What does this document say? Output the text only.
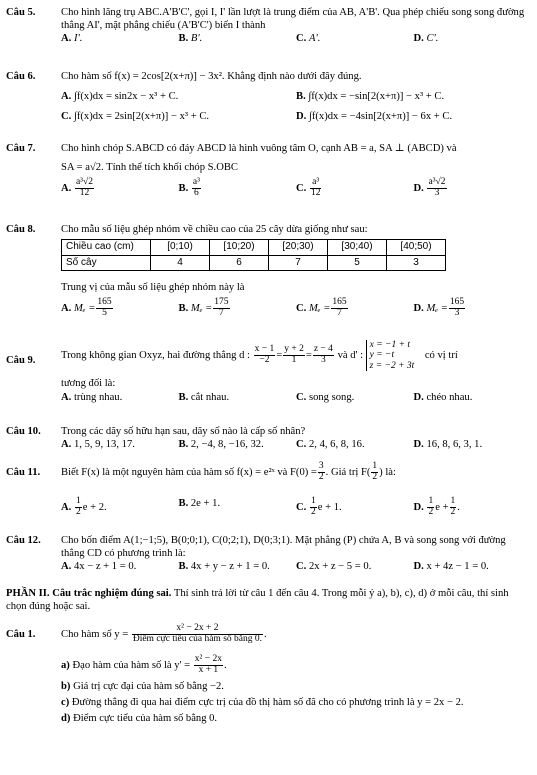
Câu 5.	Cho hình lăng trụ ABC.A'B'C', gọi I, I' lần lượt là trung điểm của AB, A'B'. Qua phép chiếu song song đường thẳng AI', mặt phẳng chiếu (A'B'C') biến I thành
A. I'.	B. B'.	C. A'.	D. C'.
Câu 6.	Cho hàm số f(x) = 2cos[2(x+π)] − 3x². Khẳng định nào dưới đây đúng.
A. ∫f(x)dx = sin2x − x³ + C.	B. ∫f(x)dx = −sin[2(x+π)] − x³ + C.
C. ∫f(x)dx = 2sin[2(x+π)] − x³ + C.	D. ∫f(x)dx = −4sin[2(x+π)] − 6x + C.
Câu 7.	Cho hình chóp S.ABCD có đáy ABCD là hình vuông tâm O, cạnh AB = a, SA ⊥ (ABCD) và
SA = a√2. Tính thể tích khối chóp S.OBC
A. $\frac{\text{a³√2}}{12}$	B. $\frac{\text{a³}}{6}$	C. $\frac{\text{a³}}{12}$	D. $\frac{\text{a³√2}}{3}$
Câu 8.	Cho mẫu số liệu ghép nhóm về chiều cao của 25 cây dừa giống như sau:
Chiều cao (cm)	[0;10)	[10;20)	[20;30)	[30;40)	[40;50)
Số cây	4	6	7	5	3
Trung vị của mẫu số liệu ghép nhóm này là
A. $M_e = \frac{165}{5}$	B. $M_e = \frac{175}{7}$	C. $M_e = \frac{165}{7}$	D. $M_e = \frac{165}{3}$
Câu 9.	Trong không gian Oxyz, hai đường thẳng d : $\frac{x - 1}{-2} = \frac{y + 2}{1} = \frac{z - 4}{3}$ và d' :
x = −1 + t
y = −t
z = −2 + 3t
có vị trí
tương đối là:
A. trùng nhau.	B. cắt nhau.	C. song song.	D. chéo nhau.
Câu 10.	Trong các dãy số hữu hạn sau, dãy số nào là cấp số nhân?
A. 1, 5, 9, 13, 17.	B. 2, −4, 8, −16, 32.	C. 2, 4, 6, 8, 16.	D. 16, 8, 6, 3, 1.
Câu 11.	Biết F(x) là một nguyên hàm của hàm số f(x) = e²ˣ và $F(0) = \frac{3}{2}$ . Giá trị $F( \frac{1}{2}$ ) là:
A. $\frac{1}{2}$ e + 2.	B. 2e + 1.	C. $\frac{1}{2}$ e + 1.	D. $\frac{1}{2}$ $e + \frac{1}{2}$ .
Câu 12.	Cho bốn điểm A(1;−1;5), B(0;0;1), C(0;2;1), D(0;3;1). Mặt phẳng (P) chứa A, B và song song với đường thẳng CD có phương trình là:
A. 4x − z + 1 = 0.	B. 4x + y − z + 1 = 0.	C. 2x + z − 5 = 0.	D. x + 4z − 1 = 0.
PHẦN II. Câu trắc nghiệm đúng sai. Thí sinh trả lời từ câu 1 đến câu 4. Trong mỗi ý a), b), c), d) ở mỗi câu, thí sinh chọn đúng hoặc sai.
Câu 1.	Cho hàm số $y = \frac{\text{x² − 2x + 2}}{\text{Điểm cực tiểu của hàm số bằng 0.}}$ .
a) Đạo hàm của hàm số là $y' = \frac{\text{x² − 2x}}{x + 1}$ .
b) Giá trị cực đại của hàm số bằng −2.
c) Đường thẳng đi qua hai điểm cực trị của đồ thị hàm số đã cho có phương trình là y = 2x − 2.
d) Điểm cực tiểu của hàm số bằng 0.
